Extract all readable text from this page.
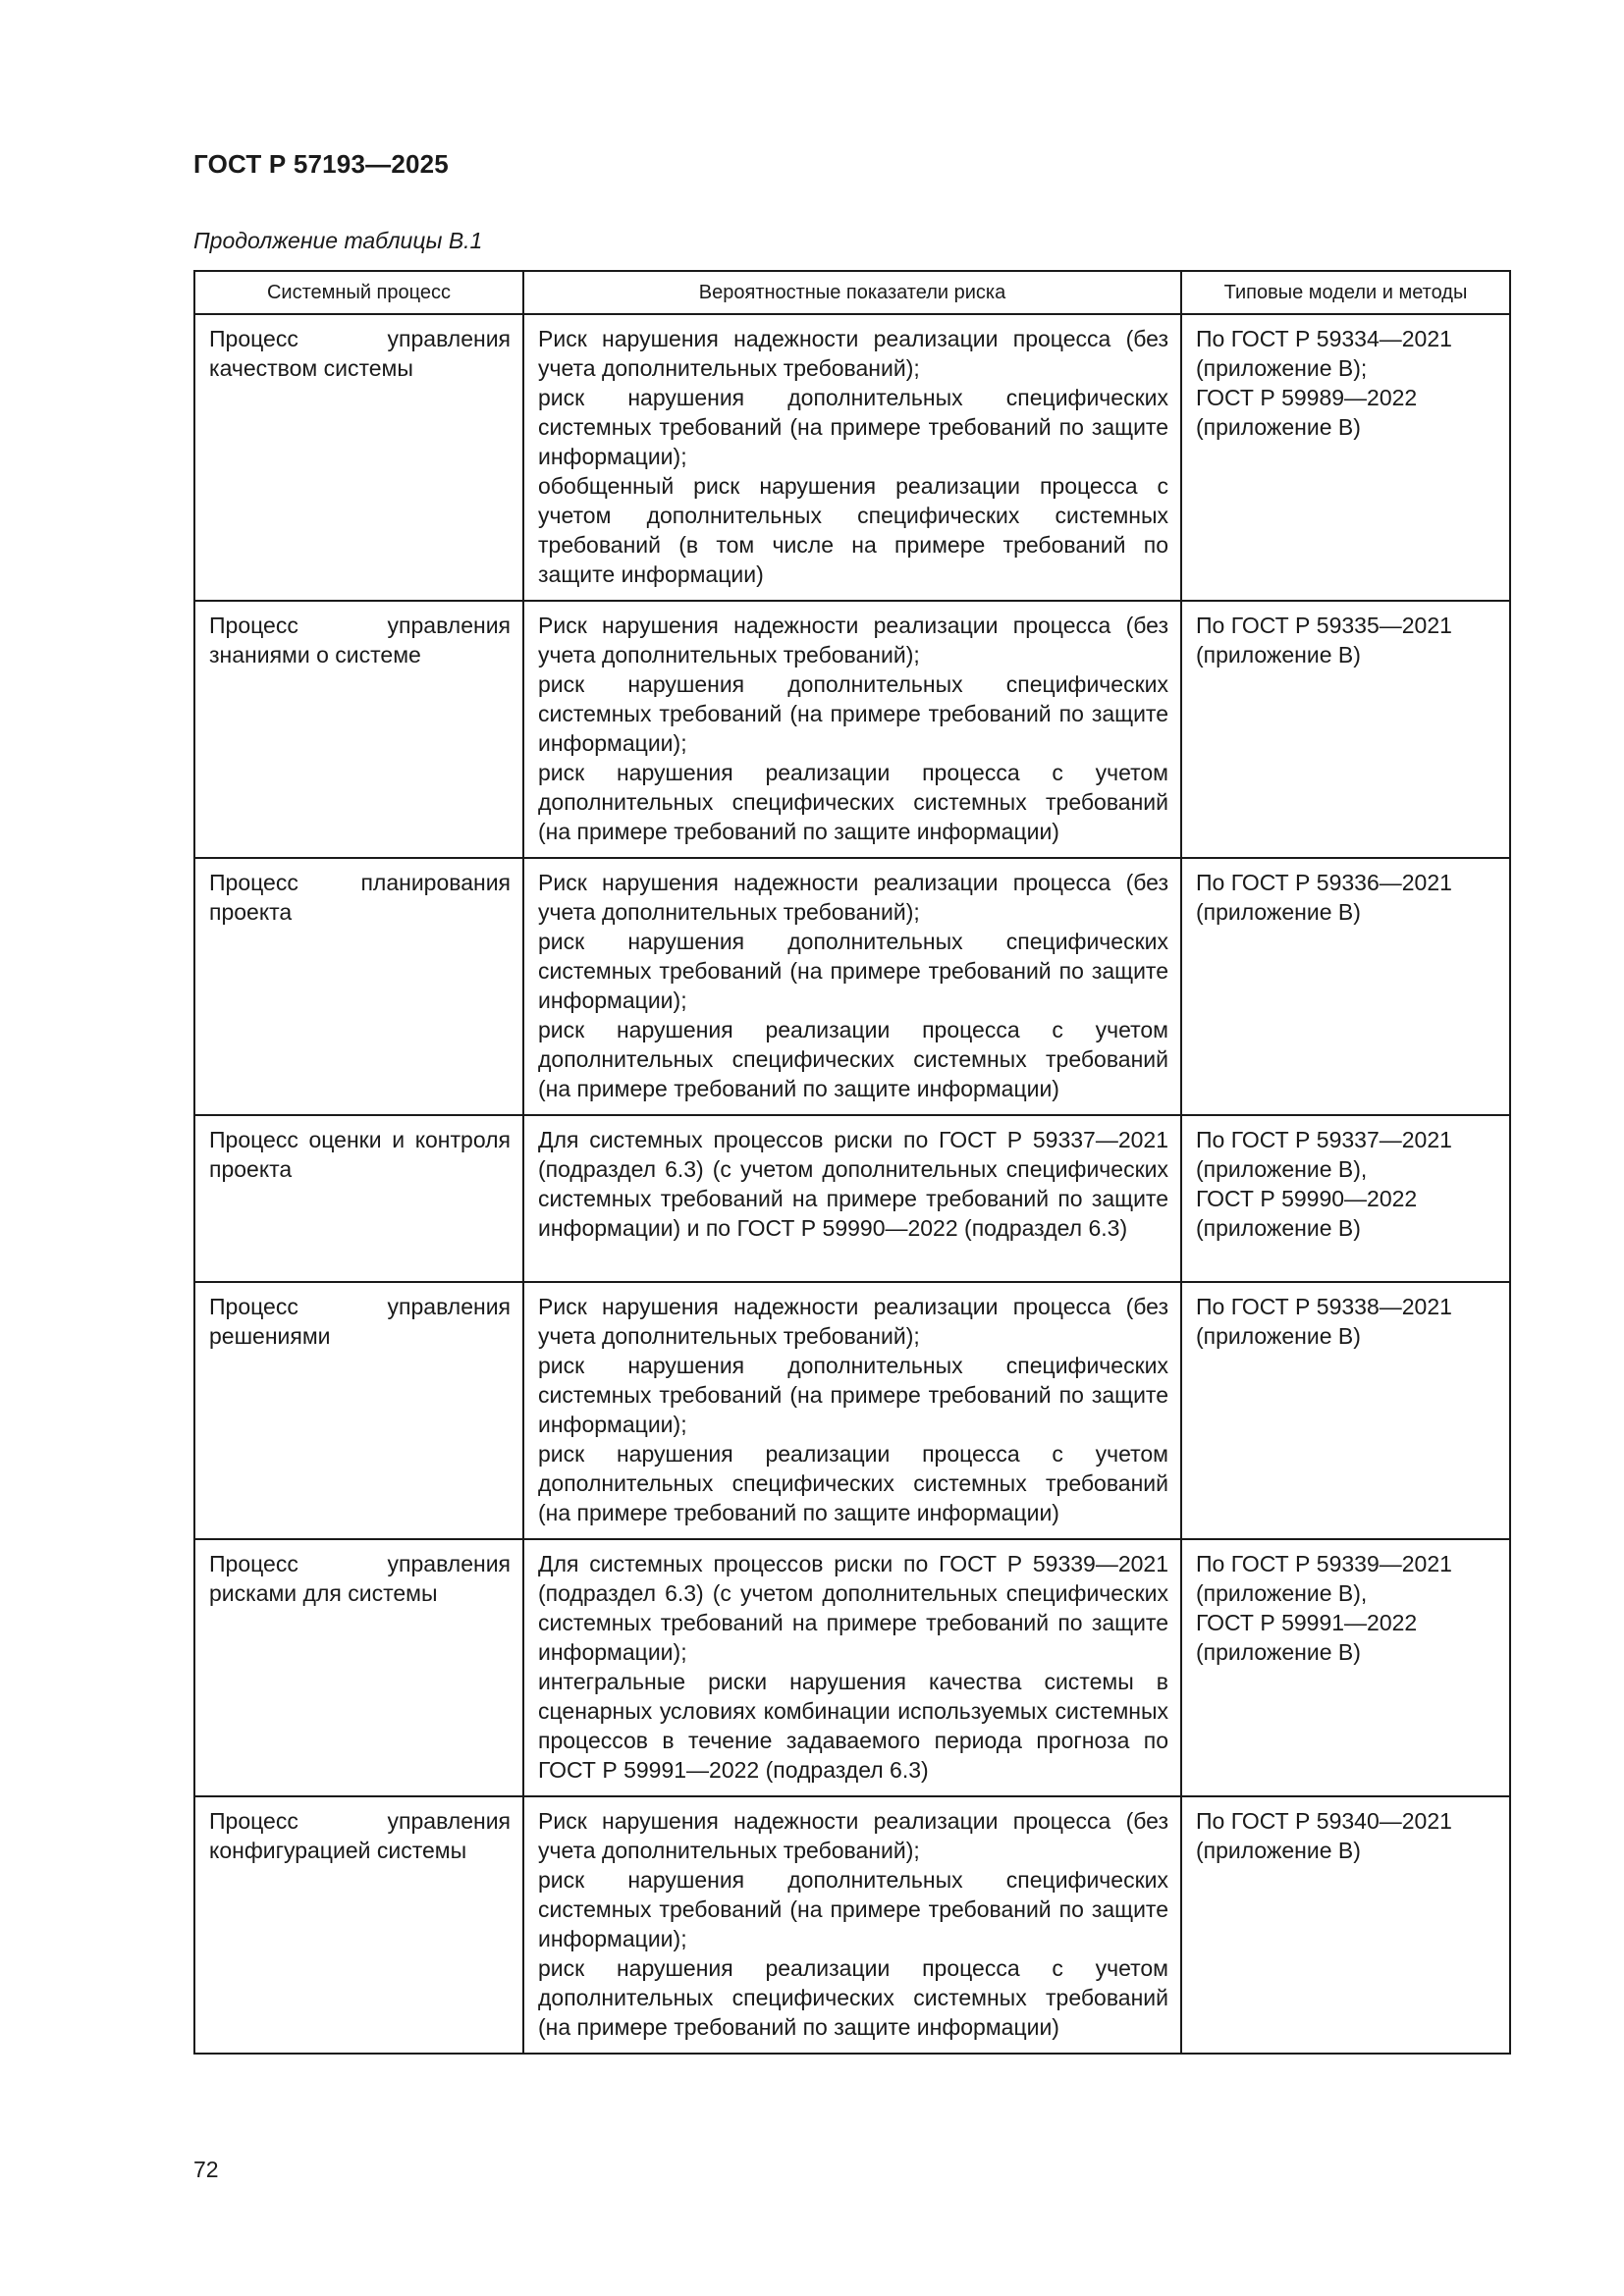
ГОСТ Р 57193—2025
Продолжение таблицы В.1
Системный процесс	Вероятностные показатели риска	Типовые модели и методы
Процесс управления качеством системы	Риск нарушения надежности реализации процесса (без учета дополнительных требований);
риск нарушения дополнительных специфических системных требований (на примере требований по защите информации);
обобщенный риск нарушения реализации процесса с учетом дополнительных специфических системных требований (в том числе на примере требований по защите информации)	По ГОСТ Р 59334—2021 (приложение В);
ГОСТ Р 59989—2022 (приложение В)

Процесс управления знаниями о системе	Риск нарушения надежности реализации процесса (без учета дополнительных требований);
риск нарушения дополнительных специфических системных требований (на примере требований по защите информации);
риск нарушения реализации процесса с учетом дополнительных специфических системных требований (на примере требований по защите информации)	По ГОСТ Р 59335—2021 (приложение В)

Процесс планирования проекта	Риск нарушения надежности реализации процесса (без учета дополнительных требований);
риск нарушения дополнительных специфических системных требований (на примере требований по защите информации);
риск нарушения реализации процесса с учетом дополнительных специфических системных требований (на примере требований по защите информации)	По ГОСТ Р 59336—2021 (приложение В)

Процесс оценки и контроля проекта	Для системных процессов риски по ГОСТ Р 59337—2021 (подраздел 6.3) (с учетом дополнительных специфических системных требований на примере требований по защите информации) и по ГОСТ Р 59990—2022 (подраздел 6.3)	По ГОСТ Р 59337—2021 (приложение В),
ГОСТ Р 59990—2022 (приложение В)

Процесс управления решениями	Риск нарушения надежности реализации процесса (без учета дополнительных требований);
риск нарушения дополнительных специфических системных требований (на примере требований по защите информации);
риск нарушения реализации процесса с учетом дополнительных специфических системных требований (на примере требований по защите информации)	По ГОСТ Р 59338—2021 (приложение В)

Процесс управления рисками для системы	Для системных процессов риски по ГОСТ Р 59339—2021 (подраздел 6.3) (с учетом дополнительных специфических системных требований на примере требований по защите информации);
интегральные риски нарушения качества системы в сценарных условиях комбинации используемых системных процессов в течение задаваемого периода прогноза по ГОСТ Р 59991—2022 (подраздел 6.3)	По ГОСТ Р 59339—2021 (приложение В),
ГОСТ Р 59991—2022 (приложение В)

Процесс управления конфигурацией системы	Риск нарушения надежности реализации процесса (без учета дополнительных требований);
риск нарушения дополнительных специфических системных требований (на примере требований по защите информации);
риск нарушения реализации процесса с учетом дополнительных специфических системных требований (на примере требований по защите информации)	По ГОСТ Р 59340—2021 (приложение В)
72
